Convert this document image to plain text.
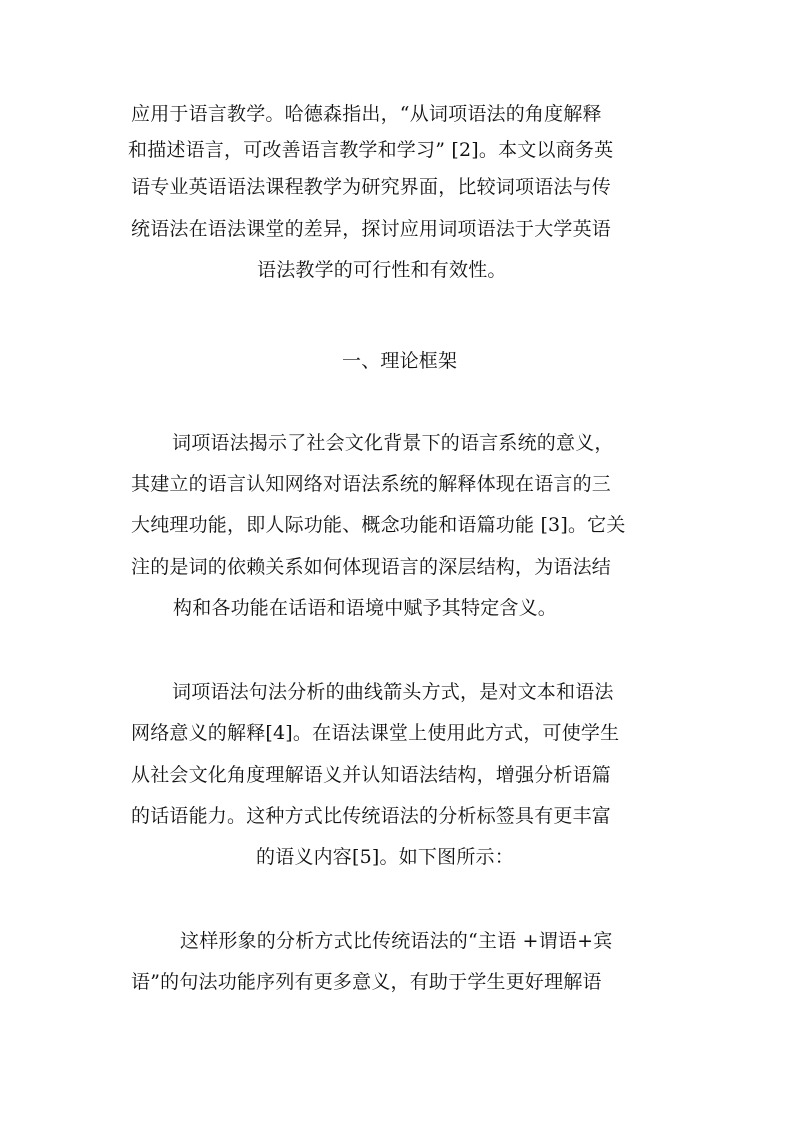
应用于语言教学。哈德森指出，“从词项语法的角度解释
和描述语言，可改善语言教学和学习” [2]。本文以商务英
语专业英语语法课程教学为研究界面，比较词项语法与传
统语法在语法课堂的差异，探讨应用词项语法于大学英语
语法教学的可行性和有效性。
一、理论框架
词项语法揭示了社会文化背景下的语言系统的意义，
其建立的语言认知网络对语法系统的解释体现在语言的三
大纯理功能，即人际功能、概念功能和语篇功能 [3]。它关
注的是词的依赖关系如何体现语言的深层结构，为语法结
构和各功能在话语和语境中赋予其特定含义。
词项语法句法分析的曲线箭头方式，是对文本和语法
网络意义的解释[4]。在语法课堂上使用此方式，可使学生
从社会文化角度理解语义并认知语法结构，增强分析语篇
的话语能力。这种方式比传统语法的分析标签具有更丰富
的语义内容[5]。如下图所示：
这样形象的分析方式比传统语法的“主语 +谓语+宾
语”的句法功能序列有更多意义，有助于学生更好理解语
